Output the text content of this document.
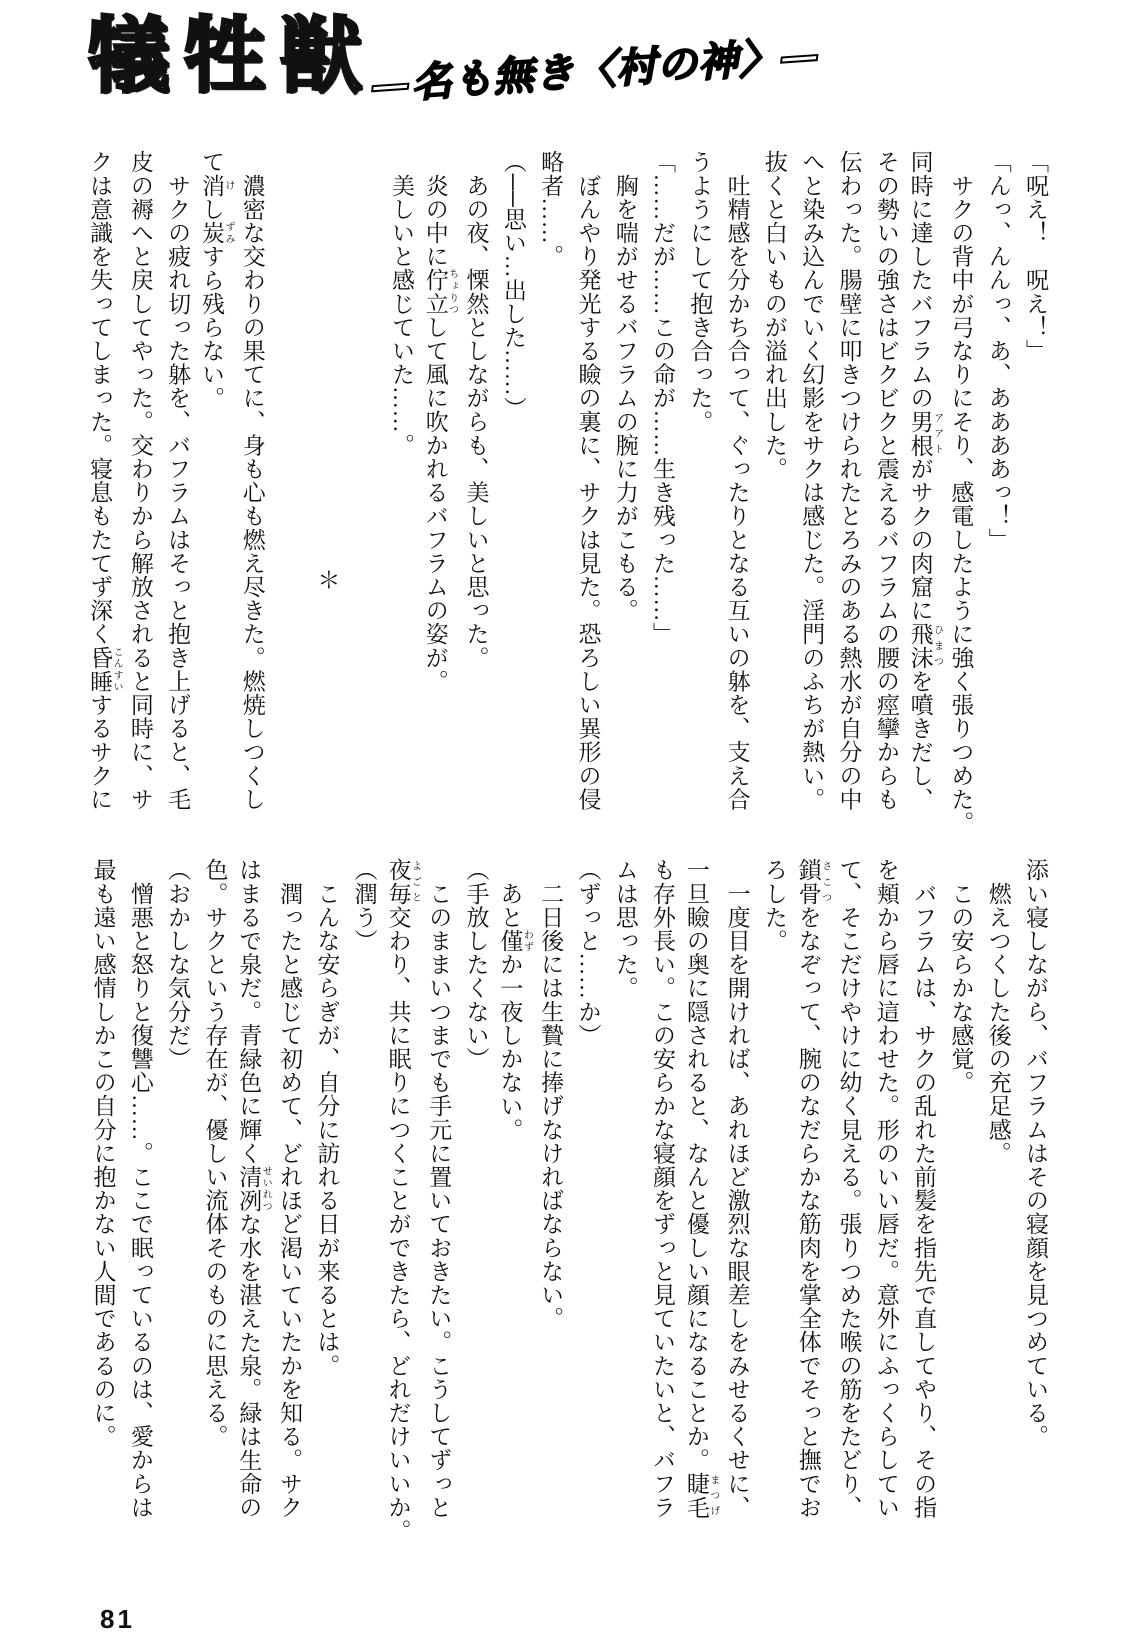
犠牲獣
—名も無き〈村の神〉—
「呪え！　呪え！」
「んっ、んんっ、あ、ああああっ！」
　サクの背中が弓なりにそり、感電したように強く張りつめた。
同時に達したバフラムの男根 アアトがサクの肉窟に飛沫 ひまつを噴きだし、
その勢いの強さはビクビクと震えるバフラムの腰の痙攣からも
伝わった。腸壁に叩きつけられたとろみのある熱水が自分の中
へと染み込んでいく幻影をサクは感じた。淫門のふちが熱い。
抜くと白いものが溢れ出した。
　吐精感を分かち合って、ぐったりとなる互いの躰を、支え合
うようにして抱き合った。
「……だが……この命が……生き残った……」
　胸を喘がせるバフラムの腕に力がこもる。
　ぼんやり発光する瞼の裏に、サクは見た。恐ろしい異形の侵
略者……。
（──思い…出した……）
　あの夜、慄然としながらも、美しいと思った。
　炎の中に佇立 ちょりつして風に吹かれるバフラムの姿が。
　美しいと感じていた……。
＊
　濃密な交わりの果てに、身も心も燃え尽きた。燃焼しつくし
て消 けし炭 ずみすら残らない。
　サクの疲れ切った躰を、バフラムはそっと抱き上げると、毛
皮の褥へと戻してやった。交わりから解放されると同時に、サ
クは意識を失ってしまった。寝息もたてず深く昏睡 こんすいするサクに
添い寝しながら、バフラムはその寝顔を見つめている。
　燃えつくした後の充足感。
　この安らかな感覚。
　バフラムは、サクの乱れた前髪を指先で直してやり、その指
を頬から唇に這わせた。形のいい唇だ。意外にふっくらしてい
て、そこだけやけに幼く見える。張りつめた喉の筋をたどり、
鎖骨 さこつをなぞって、腕のなだらかな筋肉を掌全体でそっと撫でお
ろした。
　一度目を開ければ、あれほど激烈な眼差しをみせるくせに、
一旦瞼の奥に隠されると、なんと優しい顔になることか。睫毛 まつげ
も存外長い。この安らかな寝顔をずっと見ていたいと、バフラ
ムは思った。
（ずっと……か）
　二日後には生贄に捧げなければならない。
　あと僅 わずか一夜しかない。
（手放したくない）
　このままいつまでも手元に置いておきたい。こうしてずっと
夜毎 よごと交わり、共に眠りにつくことができたら、どれだけいいか。
（潤う）
　こんな安らぎが、自分に訪れる日が来るとは。
　潤ったと感じて初めて、どれほど渇いていたかを知る。サク
はまるで泉だ。青緑色に輝く清冽 せいれつな水を湛えた泉。緑は生命の
色。サクという存在が、優しい流体そのものに思える。
（おかしな気分だ）
　憎悪と怒りと復讐心……。ここで眠っているのは、愛からは
最も遠い感情しかこの自分に抱かない人間であるのに。
81
